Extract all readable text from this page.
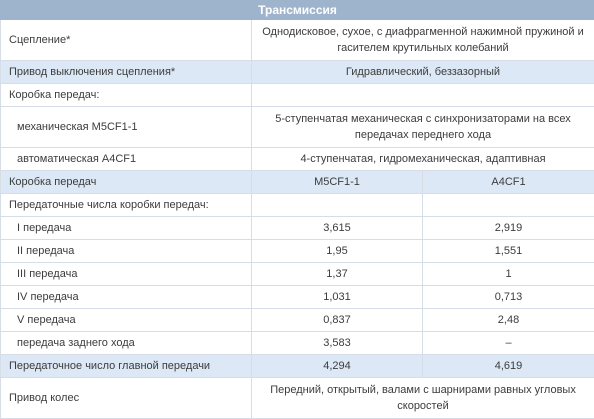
Трансмиссия		
Сцепление*	Однодисковое, сухое, с диафрагменной нажимной пружиной и гасителем крутильных колебаний	
Привод выключения сцепления*	Гидравлический, беззазорный	
Коробка передач:		
механическая M5CF1-1	5-ступенчатая механическая с синхронизаторами на всех передачах переднего хода	
автоматическая A4CF1	4-ступенчатая, гидромеханическая, адаптивная	
Коробка передач	M5CF1-1	A4CF1
Передаточные числа коробки передач:		
I передача	3,615	2,919
II передача	1,95	1,551
III передача	1,37	1
IV передача	1,031	0,713
V передача	0,837	2,48
передача заднего хода	3,583	–
Передаточное число главной передачи	4,294	4,619
Привод колес	Передний, открытый, валами с шарнирами равных угловых скоростей	
